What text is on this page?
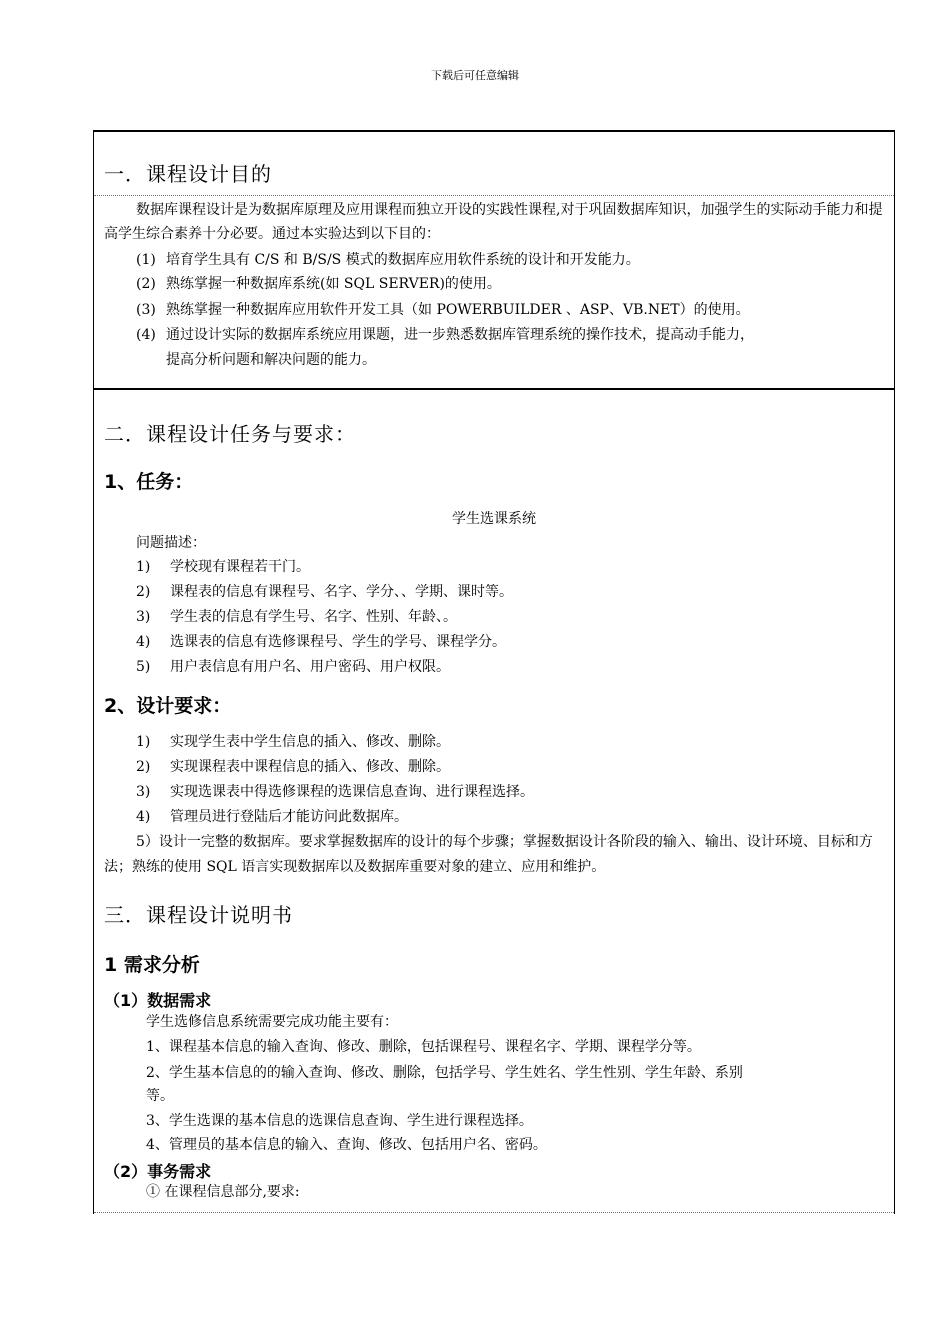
下载后可任意编辑
一．课程设计目的
数据库课程设计是为数据库原理及应用课程而独立开设的实践性课程,对于巩固数据库知识，加强学生的实际动手能力和提高学生综合素养十分必要。通过本实验达到以下目的：
(1) 培育学生具有 C/S 和 B/S/S 模式的数据库应用软件系统的设计和开发能力。
(2) 熟练掌握一种数据库系统(如 SQL SERVER)的使用。
(3) 熟练掌握一种数据库应用软件开发工具（如 POWERBUILDER 、ASP、VB.NET）的使用。
(4) 通过设计实际的数据库系统应用课题，进一步熟悉数据库管理系统的操作技术，提高动手能力，
提高分析问题和解决问题的能力。
二．课程设计任务与要求：
1、任务：
学生选课系统
问题描述：
1) 学校现有课程若干门。
2) 课程表的信息有课程号、名字、学分、、学期、课时等。
3) 学生表的信息有学生号、名字、性别、年龄、。
4) 选课表的信息有选修课程号、学生的学号、课程学分。
5) 用户表信息有用户名、用户密码、用户权限。
2、设计要求：
1) 实现学生表中学生信息的插入、修改、删除。
2) 实现课程表中课程信息的插入、修改、删除。
3) 实现选课表中得选修课程的选课信息查询、进行课程选择。
4) 管理员进行登陆后才能访问此数据库。
5）设计一完整的数据库。要求掌握数据库的设计的每个步骤；掌握数据设计各阶段的输入、输出、设计环境、目标和方法；熟练的使用 SQL 语言实现数据库以及数据库重要对象的建立、应用和维护。
三．课程设计说明书
1 需求分析
（1）数据需求
学生选修信息系统需要完成功能主要有：
1、课程基本信息的输入查询、修改、删除，包括课程号、课程名字、学期、课程学分等。
2、学生基本信息的的输入查询、修改、删除，包括学号、学生姓名、学生性别、学生年龄、系别
等。
3、学生选课的基本信息的选课信息查询、学生进行课程选择。
4、管理员的基本信息的输入、查询、修改、包括用户名、密码。
（2）事务需求
① 在课程信息部分,要求:
